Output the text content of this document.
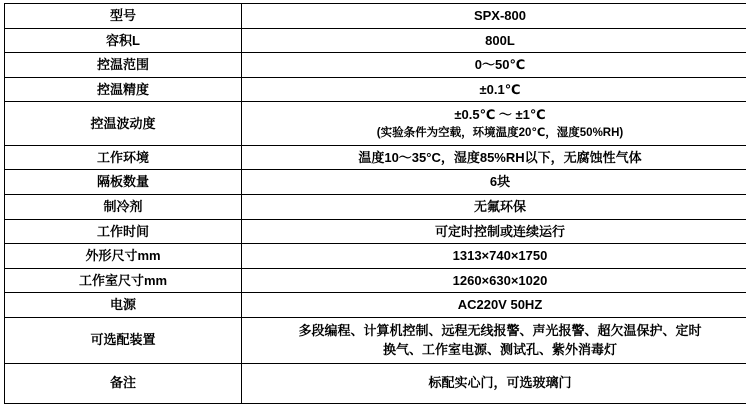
型号	SPX-800
容积L	800L
控温范围	0～50℃
控温精度	±0.1℃
控温波动度	±0.5℃ ～ ±1℃
(实验条件为空载，环境温度20℃，湿度50%RH)

工作环境	温度10～35°C，湿度85%RH以下，无腐蚀性气体
隔板数量	6块
制冷剂	无氟环保
工作时间	可定时控制或连续运行
外形尺寸mm	1313×740×1750
工作室尺寸mm	1260×630×1020
电源	AC220V 50HZ
可选配装置	多段编程、计算机控制、远程无线报警、声光报警、超欠温保护、定时
换气、工作室电源、测试孔、紫外消毒灯

备注	标配实心门，可选玻璃门
